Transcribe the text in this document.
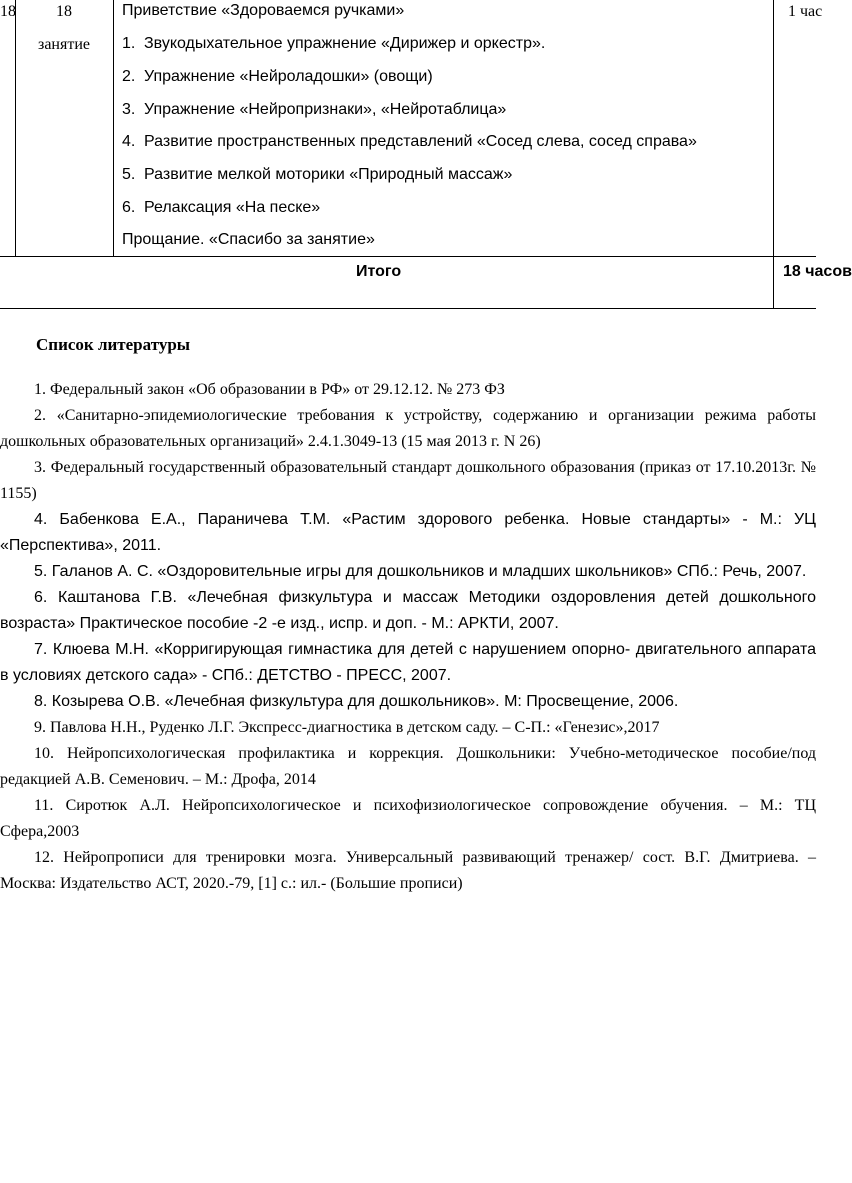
18	18
занятие
Приветствие «Здороваемся ручками»
1. Звукодыхательное упражнение «Дирижер и оркестр».
2. Упражнение «Нейроладошки» (овощи)
3. Упражнение «Нейропризнаки», «Нейротаблица»
4. Развитие пространственных представлений «Сосед слева, сосед справа»
5. Развитие мелкой моторики «Природный массаж»
6. Релаксация «На песке»
Прощание. «Спасибо за занятие»
1 час
Итого	18 часов
Список литературы

1. Федеральный закон «Об образовании в РФ» от 29.12.12. № 273 ФЗ

2. «Санитарно-эпидемиологические требования к устройству, содержанию и организации режима работы дошкольных образовательных организаций» 2.4.1.3049-13 (15 мая 2013 г. N 26)

3. Федеральный государственный образовательный стандарт дошкольного образования (приказ от 17.10.2013г. № 1155)

4. Бабенкова Е.А., Параничева Т.М. «Растим здорового ребенка. Новые стандарты» - М.: УЦ «Перспектива», 2011.

5. Галанов А. С. «Оздоровительные игры для дошкольников и младших школьников» СПб.: Речь, 2007.

6. Каштанова Г.В. «Лечебная физкультура и массаж Методики оздоровления детей дошкольного возраста» Практическое пособие -2 -е изд., испр. и доп. - М.: АРКТИ, 2007.

7. Клюева М.Н. «Корригирующая гимнастика для детей с нарушением опорно- двигательного аппарата в условиях детского сада» - СПб.: ДЕТСТВО - ПРЕСС, 2007.

8. Козырева О.В. «Лечебная физкультура для дошкольников». М: Просвещение, 2006.

9. Павлова Н.Н., Руденко Л.Г. Экспресс-диагностика в детском саду. – С-П.: «Генезис»,2017

10. Нейропсихологическая профилактика и коррекция. Дошкольники: Учебно-методическое пособие/под редакцией А.В. Семенович. – М.: Дрофа, 2014

11. Сиротюк А.Л. Нейропсихологическое и психофизиологическое сопровождение обучения. – М.: ТЦ Сфера,2003

12. Нейропрописи для тренировки мозга. Универсальный развивающий тренажер/ сост. В.Г. Дмитриева. – Москва: Издательство АСТ, 2020.-79, [1] с.: ил.- (Большие прописи)
